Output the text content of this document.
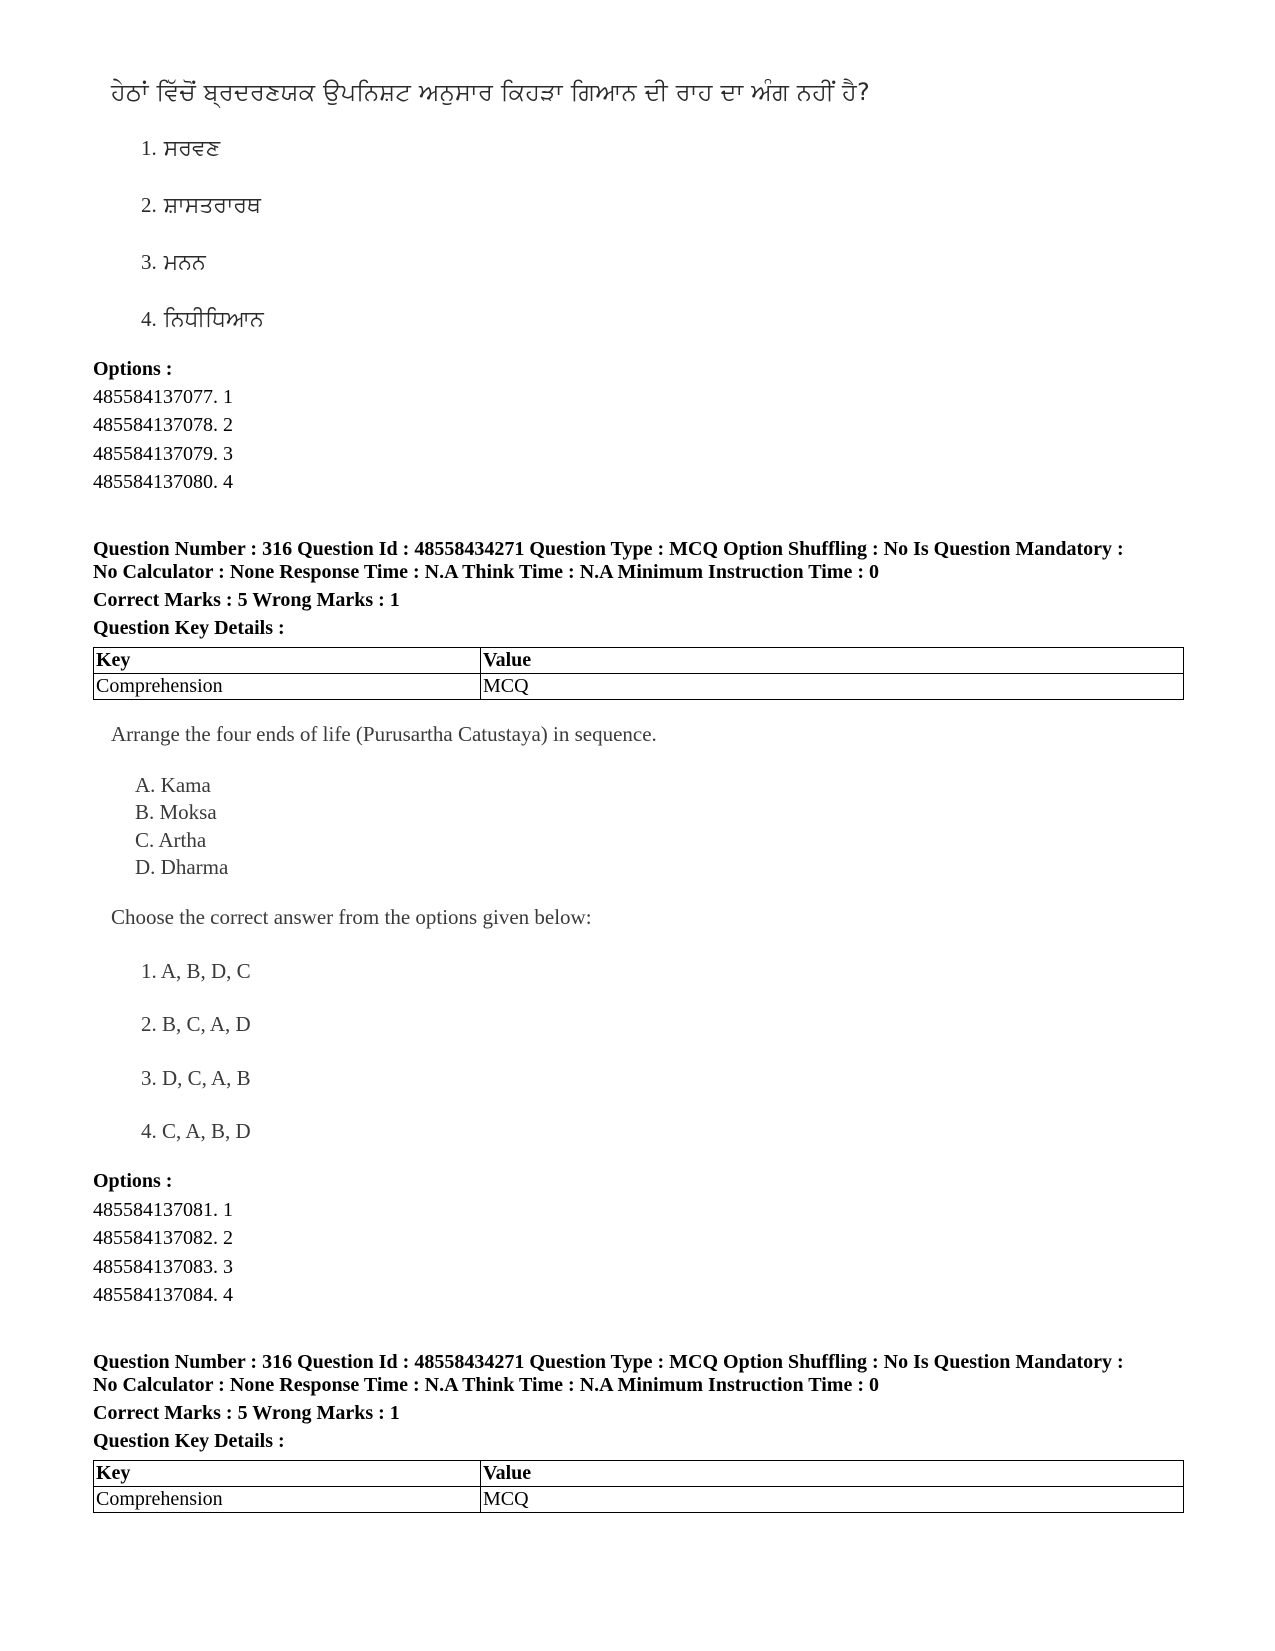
ਹੇਠਾਂ ਵਿੱਚੋਂ ਬ੍ਰਦਰਣਯਕ ਉਪਨਿਸ਼ਟ ਅਨੁਸਾਰ ਕਿਹੜਾ ਗਿਆਨ ਦੀ ਰਾਹ ਦਾ ਅੰਗ ਨਹੀਂ ਹੈ?
1. ਸਰਵਣ
2. ਸ਼ਾਸਤਰਾਰਥ
3. ਮਨਨ
4. ਨਿਧੀਧਿਆਨ
Options :
485584137077. 1
485584137078. 2
485584137079. 3
485584137080. 4
Question Number : 316 Question Id : 48558434271 Question Type : MCQ Option Shuffling : No Is Question Mandatory :
No Calculator : None Response Time : N.A Think Time : N.A Minimum Instruction Time : 0
Correct Marks : 5 Wrong Marks : 1
Question Key Details :
Key	Value
Comprehension	MCQ
Arrange the four ends of life (Purusartha Catustaya) in sequence.
A. Kama
B. Moksa
C. Artha
D. Dharma
Choose the correct answer from the options given below:
1. A, B, D, C
2. B, C, A, D
3. D, C, A, B
4. C, A, B, D
Options :
485584137081. 1
485584137082. 2
485584137083. 3
485584137084. 4
Question Number : 316 Question Id : 48558434271 Question Type : MCQ Option Shuffling : No Is Question Mandatory :
No Calculator : None Response Time : N.A Think Time : N.A Minimum Instruction Time : 0
Correct Marks : 5 Wrong Marks : 1
Question Key Details :
Key	Value
Comprehension	MCQ
